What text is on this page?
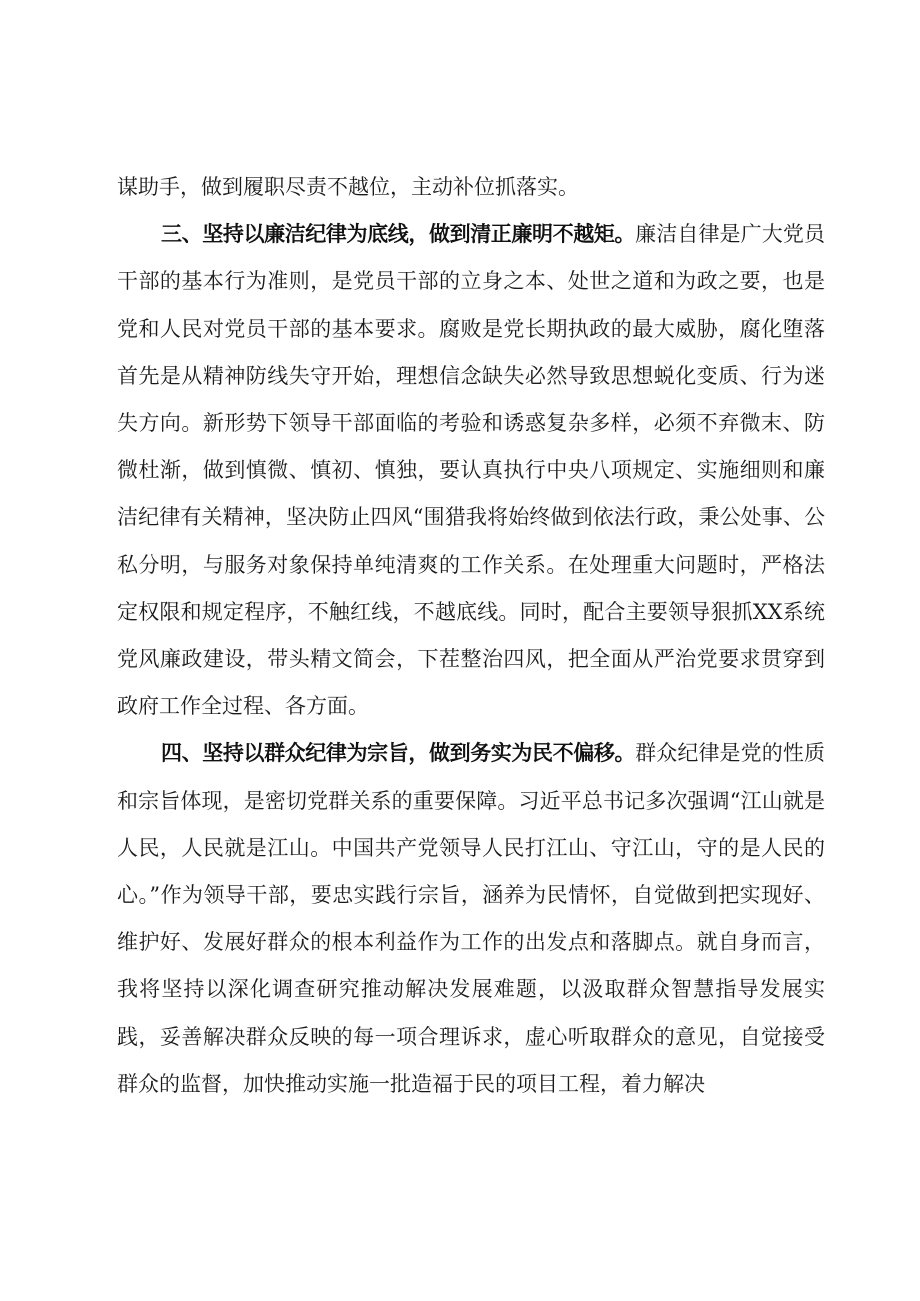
谋助手，做到履职尽责不越位，主动补位抓落实。

三、坚持以廉洁纪律为底线，做到清正廉明不越矩。廉洁自律是广大党员干部的基本行为准则，是党员干部的立身之本、处世之道和为政之要，也是党和人民对党员干部的基本要求。腐败是党长期执政的最大威胁，腐化堕落首先是从精神防线失守开始，理想信念缺失必然导致思想蜕化变质、行为迷失方向。新形势下领导干部面临的考验和诱惑复杂多样，必须不弃微末、防微杜渐，做到慎微、慎初、慎独，要认真执行中央八项规定、实施细则和廉洁纪律有关精神，坚决防止四风“围猎我将始终做到依法行政，秉公处事、公私分明，与服务对象保持单纯清爽的工作关系。在处理重大问题时，严格法定权限和规定程序，不触红线，不越底线。同时，配合主要领导狠抓XX系统党风廉政建设，带头精文简会，下茬整治四风，把全面从严治党要求贯穿到政府工作全过程、各方面。

四、坚持以群众纪律为宗旨，做到务实为民不偏移。群众纪律是党的性质和宗旨体现，是密切党群关系的重要保障。习近平总书记多次强调“江山就是人民，人民就是江山。中国共产党领导人民打江山、守江山，守的是人民的心。”作为领导干部，要忠实践行宗旨，涵养为民情怀，自觉做到把实现好、维护好、发展好群众的根本利益作为工作的出发点和落脚点。就自身而言，我将坚持以深化调查研究推动解决发展难题，以汲取群众智慧指导发展实践，妥善解决群众反映的每一项合理诉求，虚心听取群众的意见，自觉接受群众的监督，加快推动实施一批造福于民的项目工程，着力解决
